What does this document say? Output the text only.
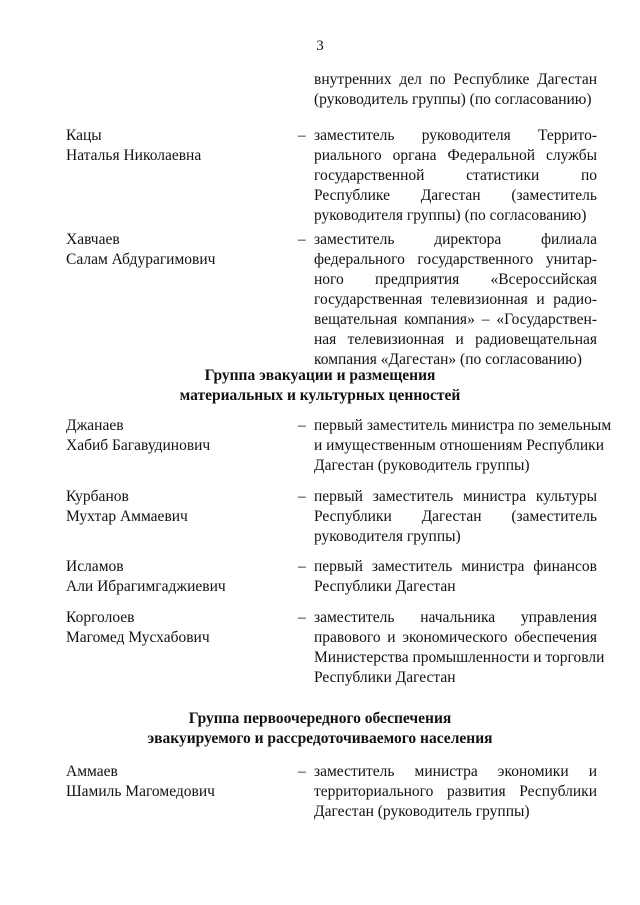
3
внутренних дел по Республике Дагестан
(руководитель группы) (по согласованию)
Кацы
Наталья Николаевна
– заместитель руководителя Террито-
риального органа Федеральной службы
государственной статистики по
Республике Дагестан (заместитель
руководителя группы) (по согласованию)
Хавчаев
Салам Абдурагимович
– заместитель директора филиала
федерального государственного унитар-
ного предприятия «Всероссийская
государственная телевизионная и радио-
вещательная компания» – «Государствен-
ная телевизионная и радиовещательная
компания «Дагестан» (по согласованию)
Группа эвакуации и размещения
материальных и культурных ценностей
Джанаев
Хабиб Багавудинович
– первый заместитель министра по земельным
и имущественным отношениям Республики
Дагестан (руководитель группы)
Курбанов
Мухтар Аммаевич
– первый заместитель министра культуры
Республики Дагестан (заместитель
руководителя группы)
Исламов
Али Ибрагимгаджиевич
– первый заместитель министра финансов
Республики Дагестан
Корголоев
Магомед Мусхабович
– заместитель начальника управления
правового и экономического обеспечения
Министерства промышленности и торговли
Республики Дагестан
Группа первоочередного обеспечения
эвакуируемого и рассредоточиваемого населения
Аммаев
Шамиль Магомедович
– заместитель министра экономики и
территориального развития Республики
Дагестан (руководитель группы)
